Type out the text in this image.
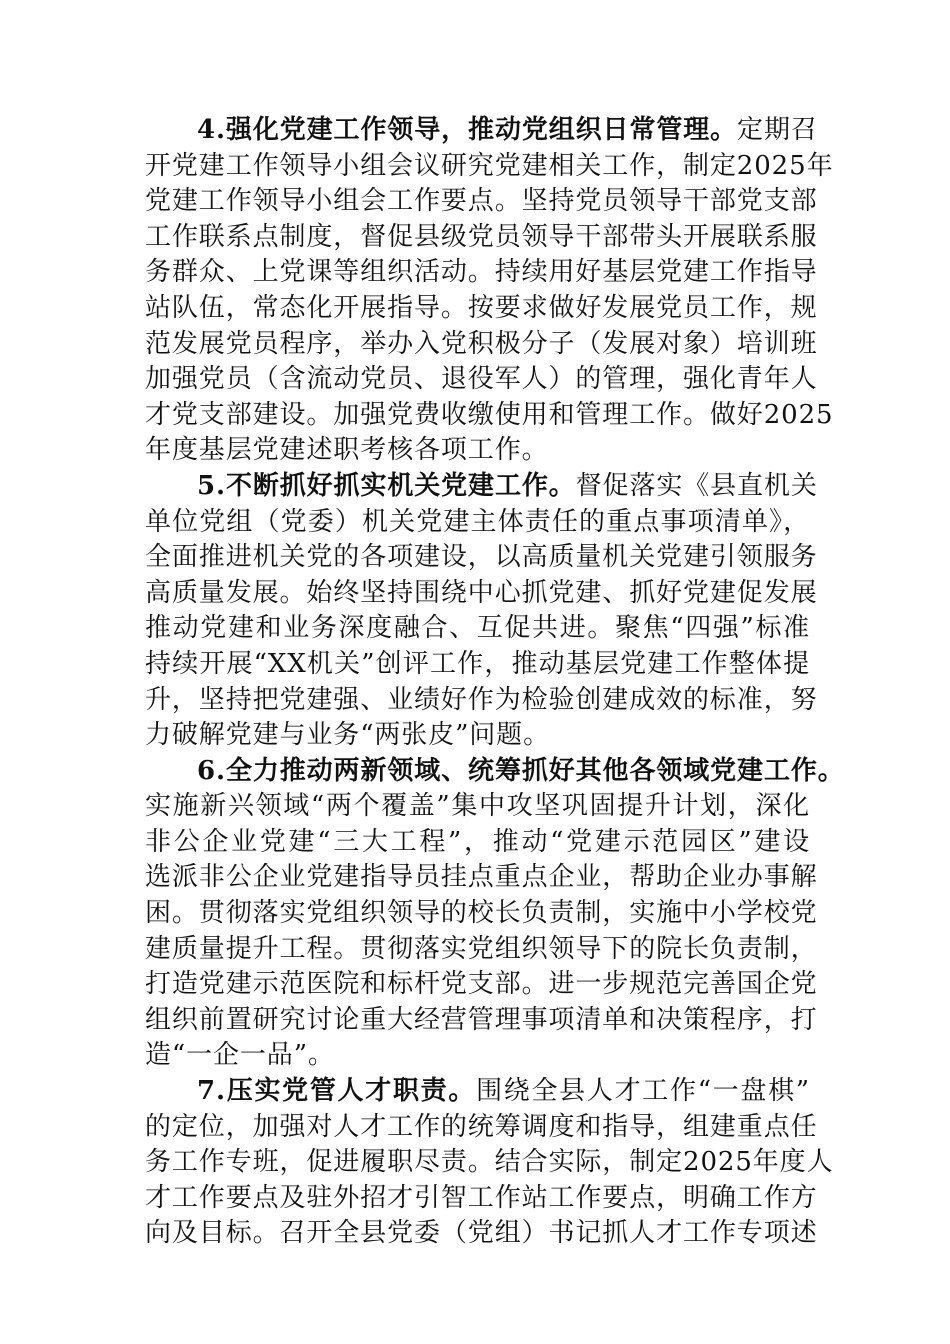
4.强化党建工作领导，推动党组织日常管理。定期召

开党建工作领导小组会议研究党建相关工作，制定2025年

党建工作领导小组会工作要点。坚持党员领导干部党支部

工作联系点制度，督促县级党员领导干部带头开展联系服

务群众、上党课等组织活动。持续用好基层党建工作指导

站队伍，常态化开展指导。按要求做好发展党员工作，规

范发展党员程序，举办入党积极分子（发展对象）培训班

加强党员（含流动党员、退役军人）的管理，强化青年人

才党支部建设。加强党费收缴使用和管理工作。做好2025

年度基层党建述职考核各项工作。

5.不断抓好抓实机关党建工作。督促落实《县直机关

单位党组（党委）机关党建主体责任的重点事项清单》，

全面推进机关党的各项建设，以高质量机关党建引领服务

高质量发展。始终坚持围绕中心抓党建、抓好党建促发展

推动党建和业务深度融合、互促共进。聚焦“四强”标准

持续开展“XX机关”创评工作，推动基层党建工作整体提

升，坚持把党建强、业绩好作为检验创建成效的标准，努

力破解党建与业务“两张皮”问题。

6.全力推动两新领域、统筹抓好其他各领域党建工作。

实施新兴领域“两个覆盖”集中攻坚巩固提升计划，深化

非公企业党建“三大工程”，推动“党建示范园区”建设

选派非公企业党建指导员挂点重点企业，帮助企业办事解

困。贯彻落实党组织领导的校长负责制，实施中小学校党

建质量提升工程。贯彻落实党组织领导下的院长负责制，

打造党建示范医院和标杆党支部。进一步规范完善国企党

组织前置研究讨论重大经营管理事项清单和决策程序，打

造“一企一品”。

7.压实党管人才职责。围绕全县人才工作“一盘棋”

的定位，加强对人才工作的统筹调度和指导，组建重点任

务工作专班，促进履职尽责。结合实际，制定2025年度人

才工作要点及驻外招才引智工作站工作要点，明确工作方

向及目标。召开全县党委（党组）书记抓人才工作专项述
